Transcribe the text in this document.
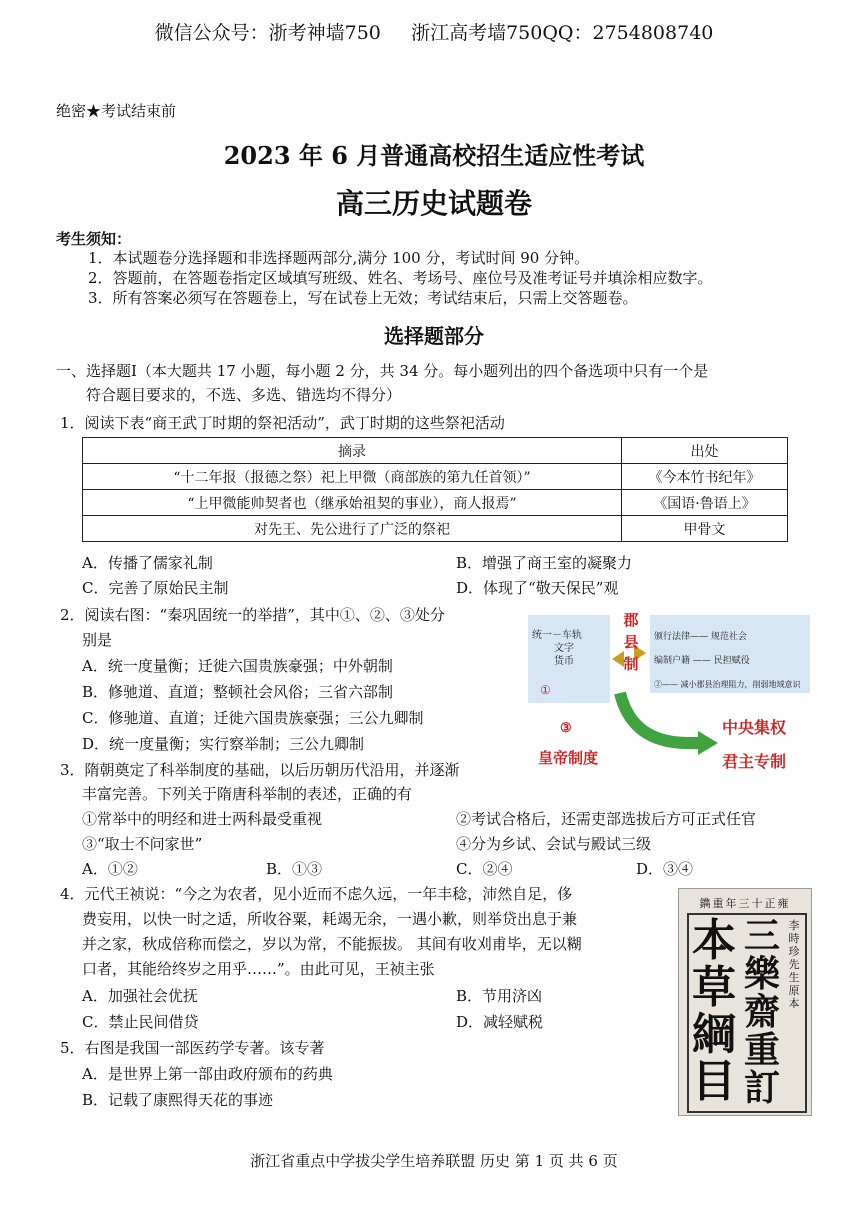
微信公众号：浙考神墙750     浙江高考墙750QQ：2754808740
绝密★考试结束前
2023 年 6 月普通高校招生适应性考试
高三历史试题卷
考生须知：
1．本试题卷分选择题和非选择题两部分,满分 100 分，考试时间 90 分钟。
2．答题前，在答题卷指定区域填写班级、姓名、考场号、座位号及准考证号并填涂相应数字。
3．所有答案必须写在答题卷上，写在试卷上无效；考试结束后，只需上交答题卷。
选择题部分
一、选择题Ⅰ（本大题共 17 小题，每小题 2 分，共 34 分。每小题列出的四个备选项中只有一个是
符合题目要求的，不选、多选、错选均不得分）
1．阅读下表“商王武丁时期的祭祀活动”，武丁时期的这些祭祀活动
摘录	出处
“十二年报（报德之祭）祀上甲微（商部族的第九任首领）”	《今本竹书纪年》
“上甲微能帅契者也（继承始祖契的事业），商人报焉”	《国语·鲁语上》
对先王、先公进行了广泛的祭祀	甲骨文
A．传播了儒家礼制	B．增强了商王室的凝聚力
C．完善了原始民主制	D．体现了“敬天保民”观
2．阅读右图：“秦巩固统一的举措”，其中①、②、③处分
别是
A．统一度量衡；迁徙六国贵族豪强；中外朝制
B．修驰道、直道；整顿社会风俗；三省六部制
C．修驰道、直道；迁徙六国贵族豪强；三公九卿制
D．统一度量衡；实行察举制；三公九卿制
统一－车轨
文字
货币
①
郡
县
制
颁行法律—— 规范社会
编制户籍 —— 民担赋役
②—— 减小郡县治理阻力，削弱地域意识
③
皇帝制度
中央集权
君主专制
3．隋朝奠定了科举制度的基础，以后历朝历代沿用，并逐渐
丰富完善。下列关于隋唐科举制的表述，正确的有
①常举中的明经和进士两科最受重视	②考试合格后，还需吏部选拔后方可正式任官
③“取士不问家世”	④分为乡试、会试与殿试三级
A．①②	B．①③	C．②④	D．③④
4．元代王祯说：“今之为农者，见小近而不虑久远，一年丰稔，沛然自足，侈
费妄用，以快一时之适，所收谷粟，耗竭无余，一遇小歉，则举贷出息于兼
并之家，秋成倍称而偿之，岁以为常，不能振拔。 其间有收刈甫毕，无以糊
口者，其能给终岁之用乎……”。由此可见，王祯主张
A．加强社会优抚	B．节用济凶
C．禁止民间借贷	D．减轻赋税
5．右图是我国一部医药学专著。该专著
A．是世界上第一部由政府颁布的药典
B．记载了康熙得天花的事迹
雍正十三年重鐫
李時珍先生原本
三樂齋重訂
本草綱目
浙江省重点中学拔尖学生培养联盟 历史 第 1 页 共 6 页
